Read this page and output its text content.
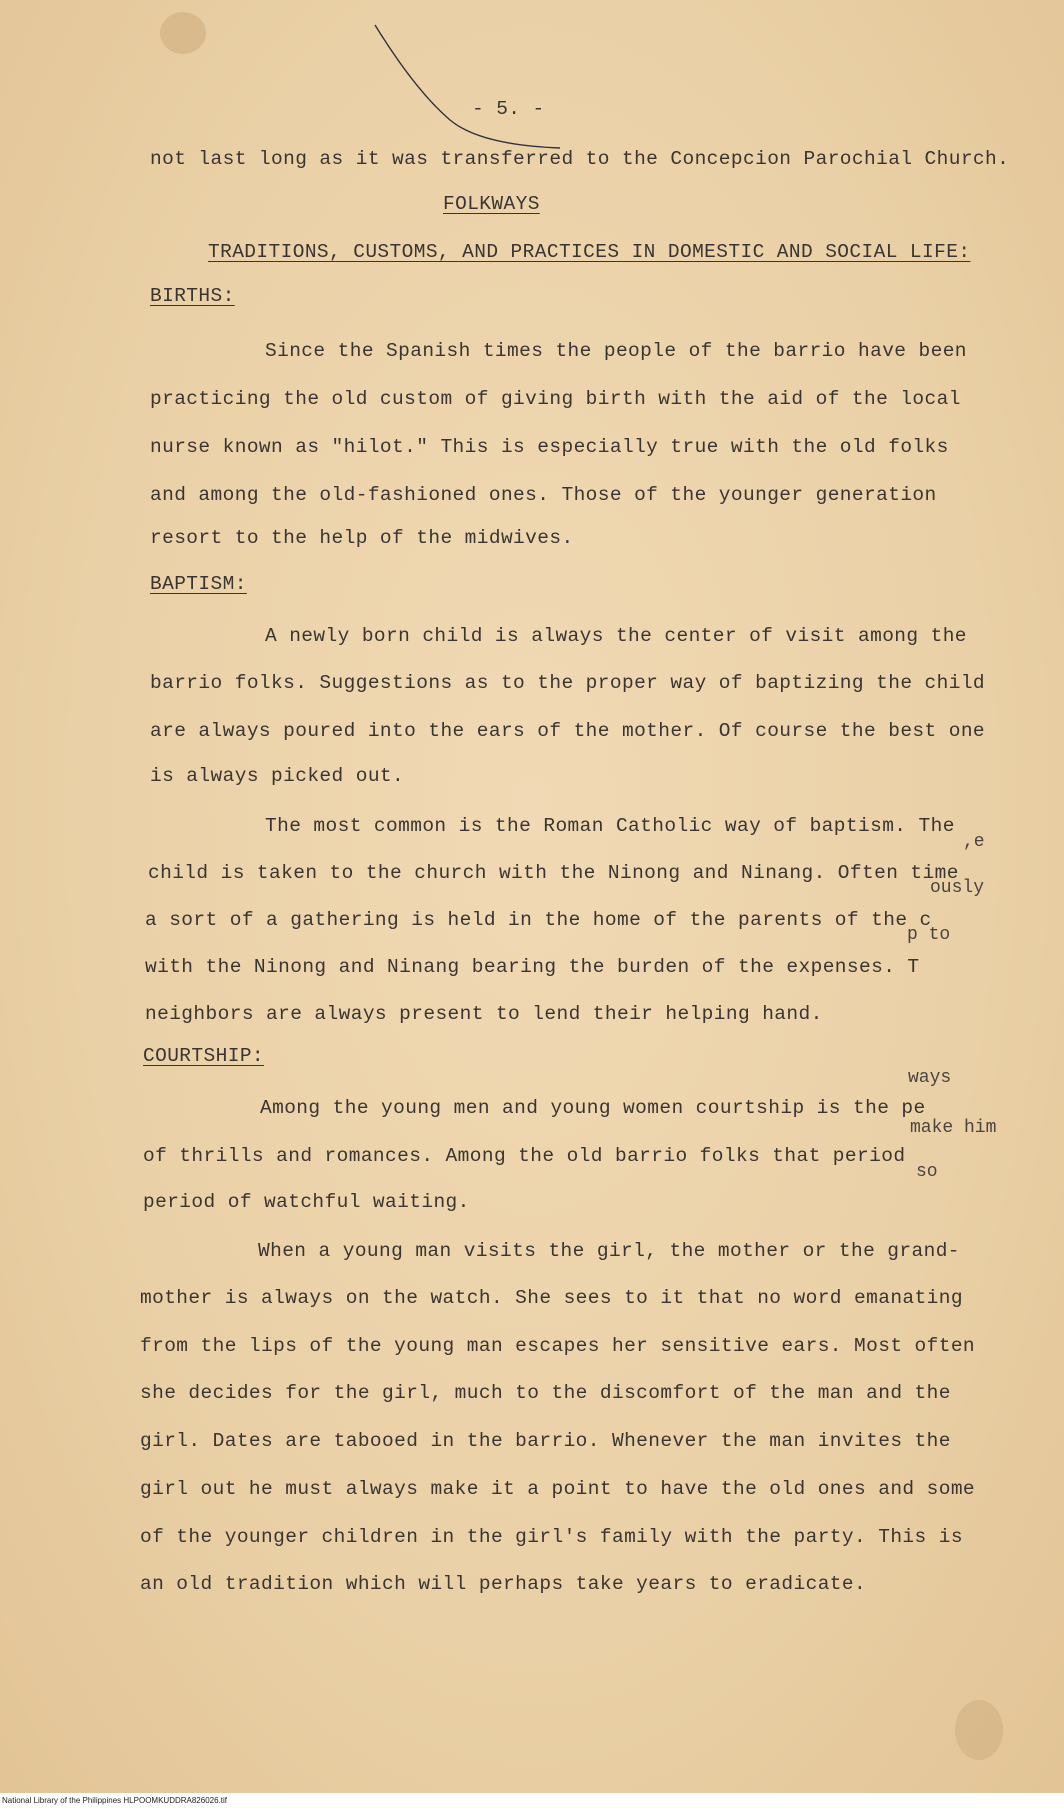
- 5. -
not last long as it was transferred to the Concepcion Parochial Church.
FOLKWAYS
TRADITIONS, CUSTOMS, AND PRACTICES IN DOMESTIC AND SOCIAL LIFE:
BIRTHS:
Since the Spanish times the people of the barrio have been
practicing the old custom of giving birth with the aid of the local
nurse known as "hilot." This is especially true with the old folks
and among the old-fashioned ones. Those of the younger generation
resort to the help of the midwives.
BAPTISM:
A newly born child is always the center of visit among the
barrio folks. Suggestions as to the proper way of baptizing the child
are always poured into the ears of the mother. Of course the best one
is always picked out.
The most common is the Roman Catholic way of baptism. The
child is taken to the church with the Ninong and Ninang. Often time
a sort of a gathering is held in the home of the parents of the c
with the Ninong and Ninang bearing the burden of the expenses. T
neighbors are always present to lend their helping hand.
COURTSHIP:
Among the young men and young women courtship is the pe
of thrills and romances. Among the old barrio folks that period
period of watchful waiting.
When a young man visits the girl, the mother or the grand-
mother is always on the watch. She sees to it that no word emanating
from the lips of the young man escapes her sensitive ears. Most often
she decides for the girl, much to the discomfort of the man and the
girl. Dates are tabooed in the barrio. Whenever the man invites the
girl out he must always make it a point to have the old ones and some
of the younger children in the girl's family with the party. This is
an old tradition which will perhaps take years to eradicate.
,e
ously
p to
ways
make him
so
National Library of the Philippines HLPOOMKUDDRA826026.tif
